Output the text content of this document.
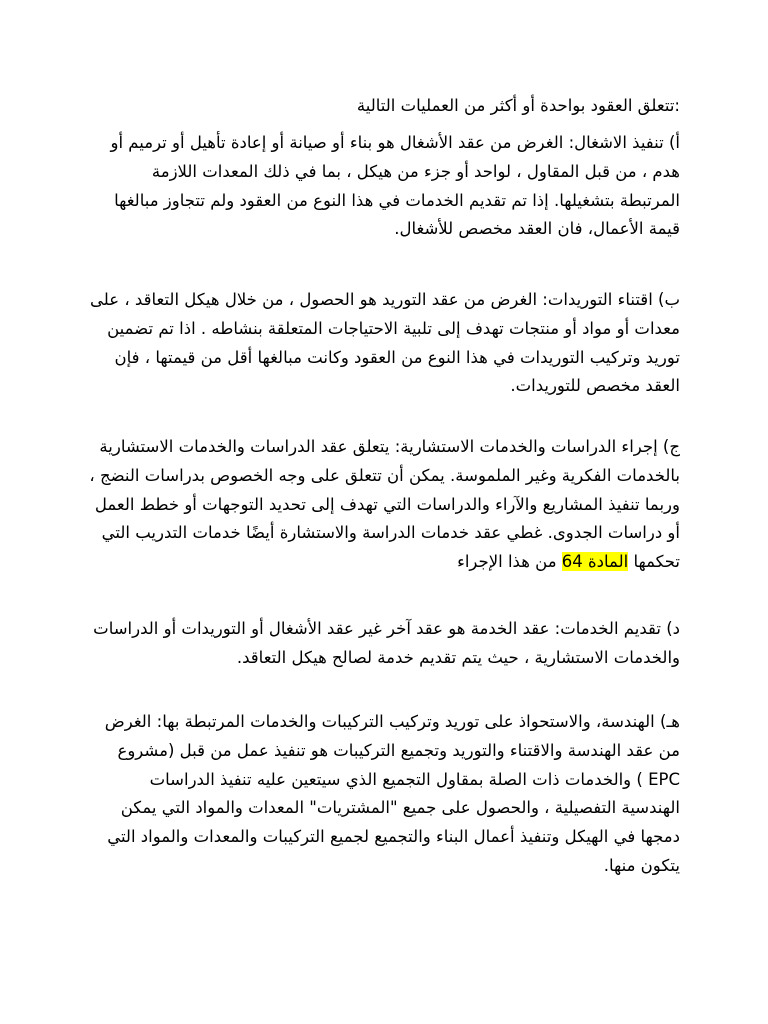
:تتعلق العقود بواحدة أو أكثر من العمليات التالية
أ) تنفيذ الاشغال: الغرض من عقد الأشغال هو بناء أو صيانة أو إعادة تأهيل أو ترميم أو هدم ، من قبل المقاول ، لواحد أو جزء من هيكل ، بما في ذلك المعدات اللازمة المرتبطة بتشغيلها. إذا تم تقديم الخدمات في هذا النوع من العقود ولم تتجاوز مبالغها قيمة الأعمال، فان العقد مخصص للأشغال.
ب) اقتناء التوريدات: الغرض من عقد التوريد هو الحصول ، من خلال هيكل التعاقد ، على معدات أو مواد أو منتجات تهدف إلى تلبية الاحتياجات المتعلقة بنشاطه . اذا تم تضمين توريد وتركيب التوريدات في هذا النوع من العقود وكانت مبالغها أقل من قيمتها ، فإن العقد مخصص للتوريدات.
ج) إجراء الدراسات والخدمات الاستشارية: يتعلق عقد الدراسات والخدمات الاستشارية بالخدمات الفكرية وغير الملموسة. يمكن أن تتعلق على وجه الخصوص بدراسات النضج ، وربما تنفيذ المشاريع والآراء والدراسات التي تهدف إلى تحديد التوجهات أو خطط العمل أو دراسات الجدوى. غطي عقد خدمات الدراسة والاستشارة أيضًا خدمات التدريب التي تحكمها المادة 64 من هذا الإجراء
د) تقديم الخدمات: عقد الخدمة هو عقد آخر غير عقد الأشغال أو التوريدات أو الدراسات والخدمات الاستشارية ، حيث يتم تقديم خدمة لصالح هيكل التعاقد.
هـ) الهندسة، والاستحواذ على توريد وتركيب التركيبات والخدمات المرتبطة بها: الغرض من عقد الهندسة والاقتناء والتوريد وتجميع التركيبات هو تنفيذ عمل من قبل (مشروع EPC ) والخدمات ذات الصلة بمقاول التجميع الذي سيتعين عليه تنفيذ الدراسات الهندسية التفصيلية ، والحصول على جميع "المشتريات" المعدات والمواد التي يمكن دمجها في الهيكل وتنفيذ أعمال البناء والتجميع لجميع التركيبات والمعدات والمواد التي يتكون منها.
